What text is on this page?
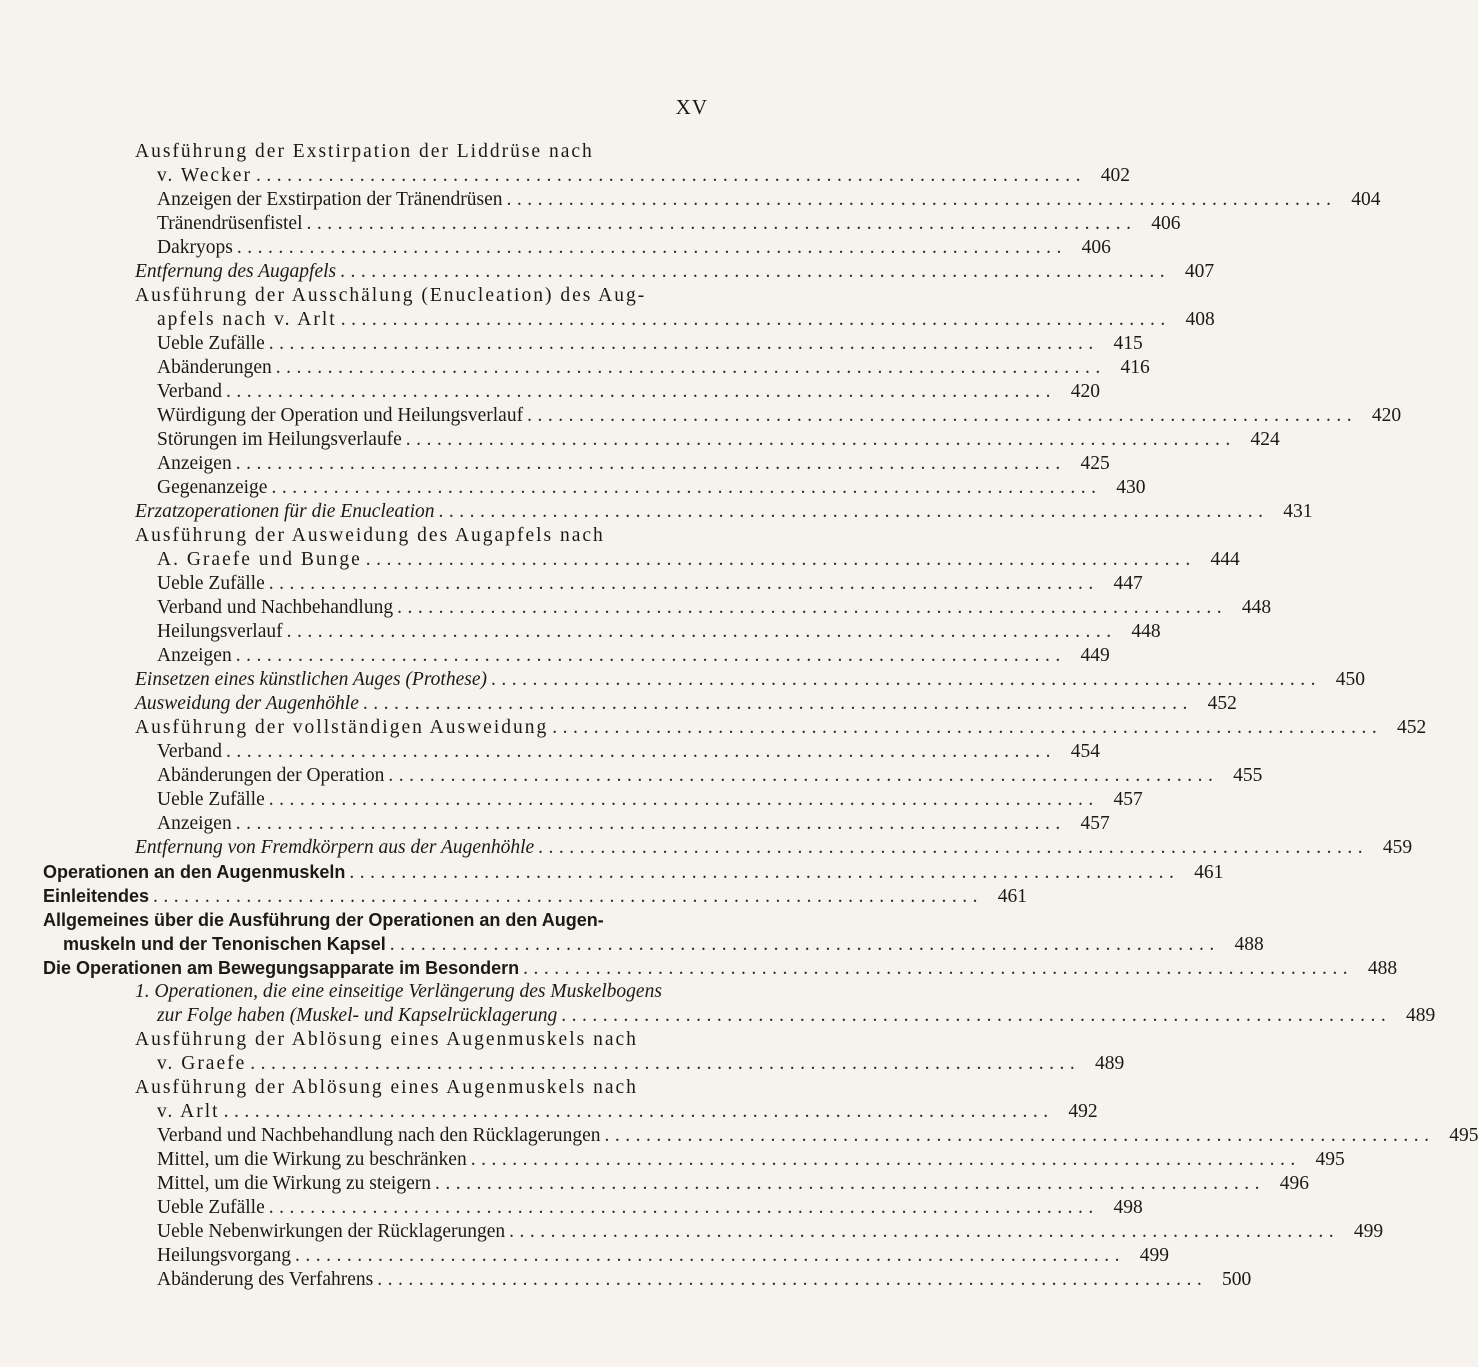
XV
Ausführung der Exstirpation der Liddrüse nach
v. Wecker ................................................................................ 402
Anzeigen der Exstirpation der Tränendrüsen ................................................................................ 404
Tränendrüsenfistel ................................................................................ 406
Dakryops ................................................................................ 406
Entfernung des Augapfels ................................................................................ 407
Ausführung der Ausschälung (Enucleation) des Aug-
apfels nach v. Arlt ................................................................................ 408
Ueble Zufälle ................................................................................ 415
Abänderungen ................................................................................ 416
Verband ................................................................................ 420
Würdigung der Operation und Heilungsverlauf ................................................................................ 420
Störungen im Heilungsverlaufe ................................................................................ 424
Anzeigen ................................................................................ 425
Gegenanzeige ................................................................................ 430
Erzatzoperationen für die Enucleation ................................................................................ 431
Ausführung der Ausweidung des Augapfels nach
A. Graefe und Bunge ................................................................................ 444
Ueble Zufälle ................................................................................ 447
Verband und Nachbehandlung ................................................................................ 448
Heilungsverlauf ................................................................................ 448
Anzeigen ................................................................................ 449
Einsetzen eines künstlichen Auges (Prothese) ................................................................................ 450
Ausweidung der Augenhöhle ................................................................................ 452
Ausführung der vollständigen Ausweidung ................................................................................ 452
Verband ................................................................................ 454
Abänderungen der Operation ................................................................................ 455
Ueble Zufälle ................................................................................ 457
Anzeigen ................................................................................ 457
Entfernung von Fremdkörpern aus der Augenhöhle ................................................................................ 459
Operationen an den Augenmuskeln ................................................................................ 461
Einleitendes ................................................................................ 461
Allgemeines über die Ausführung der Operationen an den Augen-
muskeln und der Tenonischen Kapsel ................................................................................ 488
Die Operationen am Bewegungsapparate im Besondern ................................................................................ 488
1. Operationen, die eine einseitige Verlängerung des Muskelbogens
zur Folge haben (Muskel- und Kapselrücklagerung ................................................................................ 489
Ausführung der Ablösung eines Augenmuskels nach
v. Graefe ................................................................................ 489
Ausführung der Ablösung eines Augenmuskels nach
v. Arlt ................................................................................ 492
Verband und Nachbehandlung nach den Rücklagerungen ................................................................................ 495
Mittel, um die Wirkung zu beschränken ................................................................................ 495
Mittel, um die Wirkung zu steigern ................................................................................ 496
Ueble Zufälle ................................................................................ 498
Ueble Nebenwirkungen der Rücklagerungen ................................................................................ 499
Heilungsvorgang ................................................................................ 499
Abänderung des Verfahrens ................................................................................ 500
